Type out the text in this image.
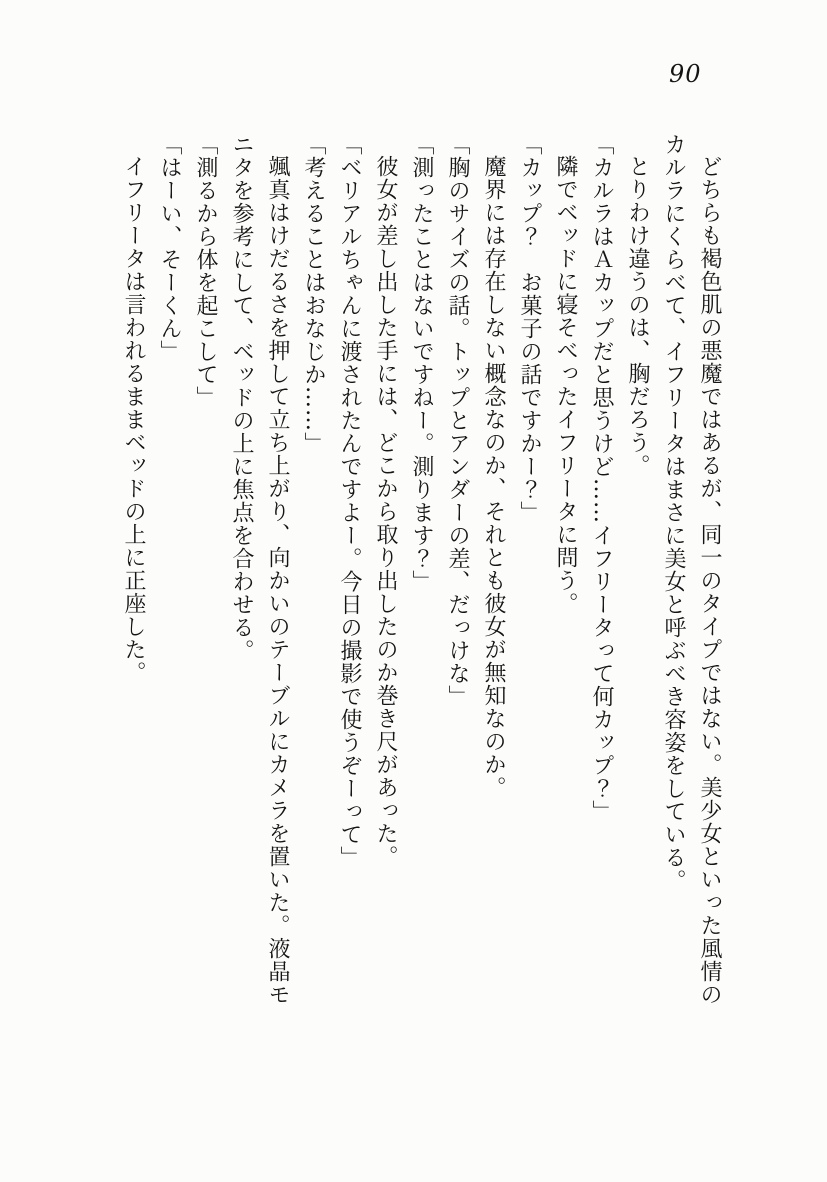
90

どちらも褐色肌の悪魔ではあるが、同一のタイプではない。美少女といった風情のカルラにくらべて、イフリータはまさに美女と呼ぶべき容姿をしている。

とりわけ違うのは、胸だろう。

「カルラはＡカップだと思うけど……イフリータって何カップ？」

隣でベッドに寝そべったイフリータに問う。

「カップ？　お菓子の話ですかー？」

魔界には存在しない概念なのか、それとも彼女が無知なのか。

「胸のサイズの話。トップとアンダーの差、だっけな」

「測ったことはないですねー。測ります？」

彼女が差し出した手には、どこから取り出したのか巻き尺があった。

「ベリアルちゃんに渡されたんですよー。今日の撮影で使うぞーって」

「考えることはおなじか……」

颯真はけだるさを押して立ち上がり、向かいのテーブルにカメラを置いた。液晶モニタを参考にして、ベッドの上に焦点を合わせる。

「測るから体を起こして」

「はーい、そーくん」

イフリータは言われるままベッドの上に正座した。
